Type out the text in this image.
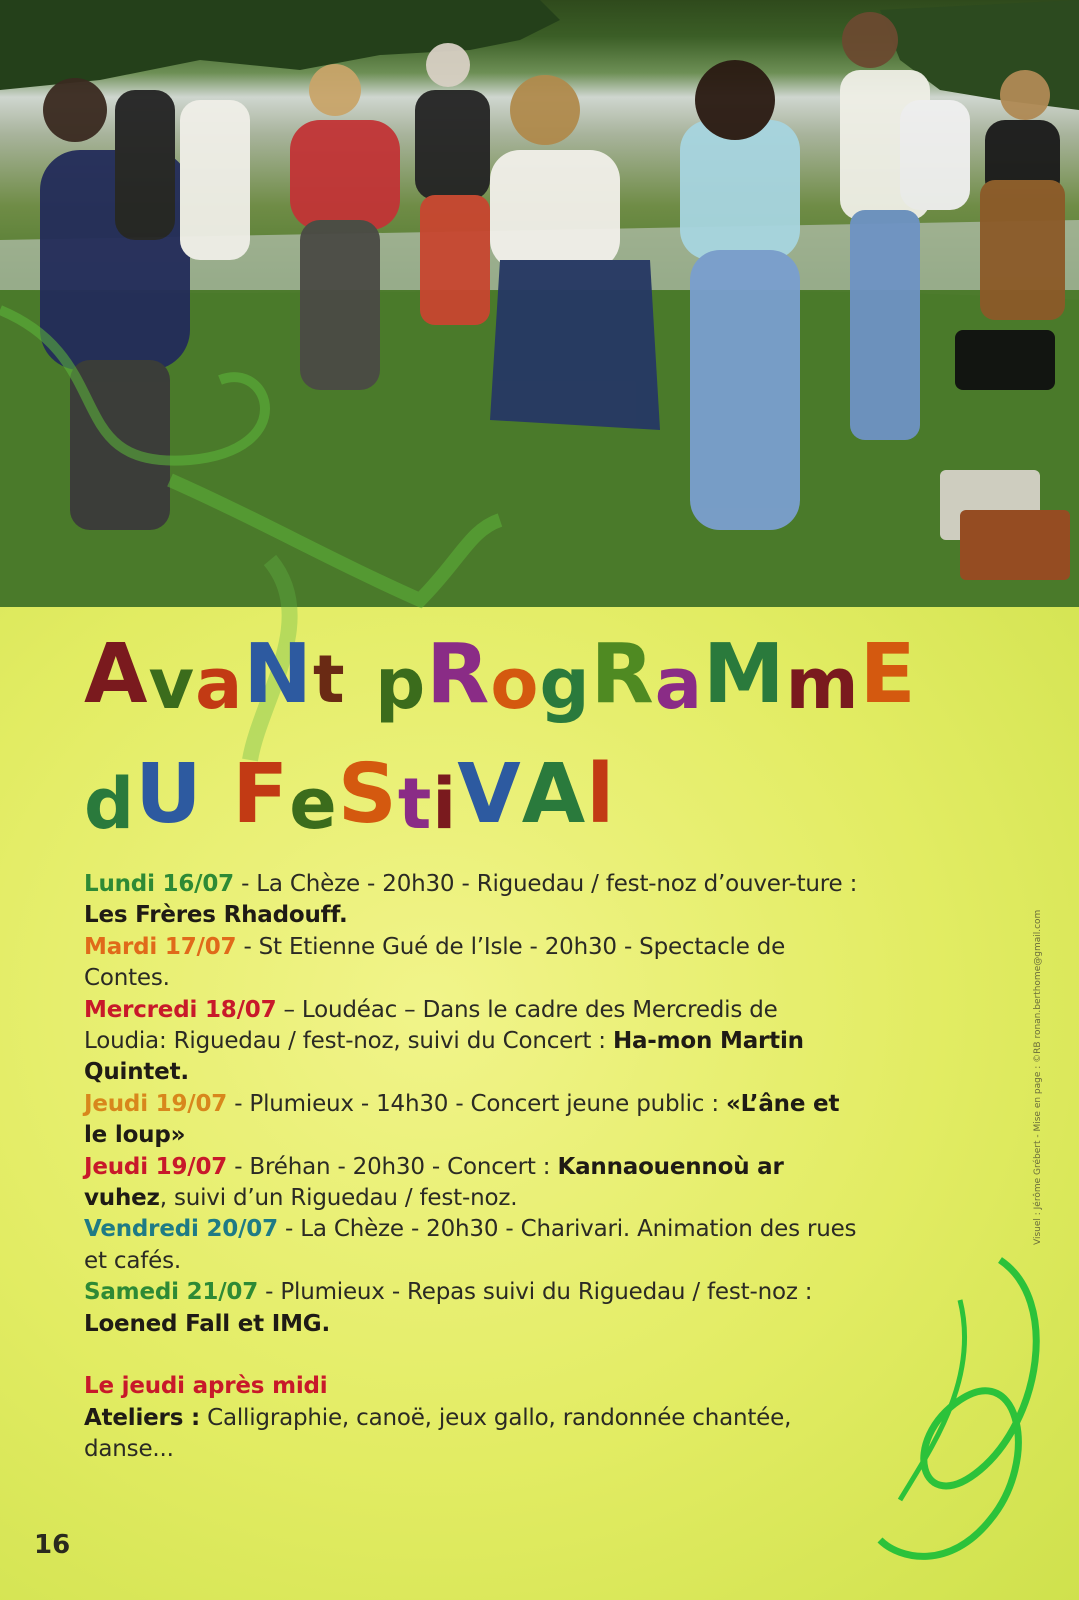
AvaNt pRogRaMmE
dU FeStiVAl

Lundi 16/07 - La Chèze - 20h30 - Riguedau / fest-noz d’ouver-ture : Les Frères Rhadouff.

Mardi 17/07 - St Etienne Gué de l’Isle - 20h30 - Spectacle de Contes.

Mercredi 18/07 – Loudéac – Dans le cadre des Mercredis de Loudia: Riguedau / fest-noz, suivi du Concert : Ha-mon Martin Quintet.

Jeudi 19/07 - Plumieux - 14h30 - Concert jeune public : «L’âne et le loup»

Jeudi 19/07 - Bréhan - 20h30 - Concert : Kannaouennoù ar vuhez, suivi d’un Riguedau / fest-noz.

Vendredi 20/07 - La Chèze - 20h30 - Charivari. Animation des rues et cafés.

Samedi 21/07 - Plumieux - Repas suivi du Riguedau / fest-noz : Loened Fall et IMG.

Le jeudi après midi

Ateliers : Calligraphie, canoë, jeux gallo, randonnée chantée, danse...

Visuel : Jérôme Grébert - Mise en page : ©RB ronan.berthome@gmail.com
16
